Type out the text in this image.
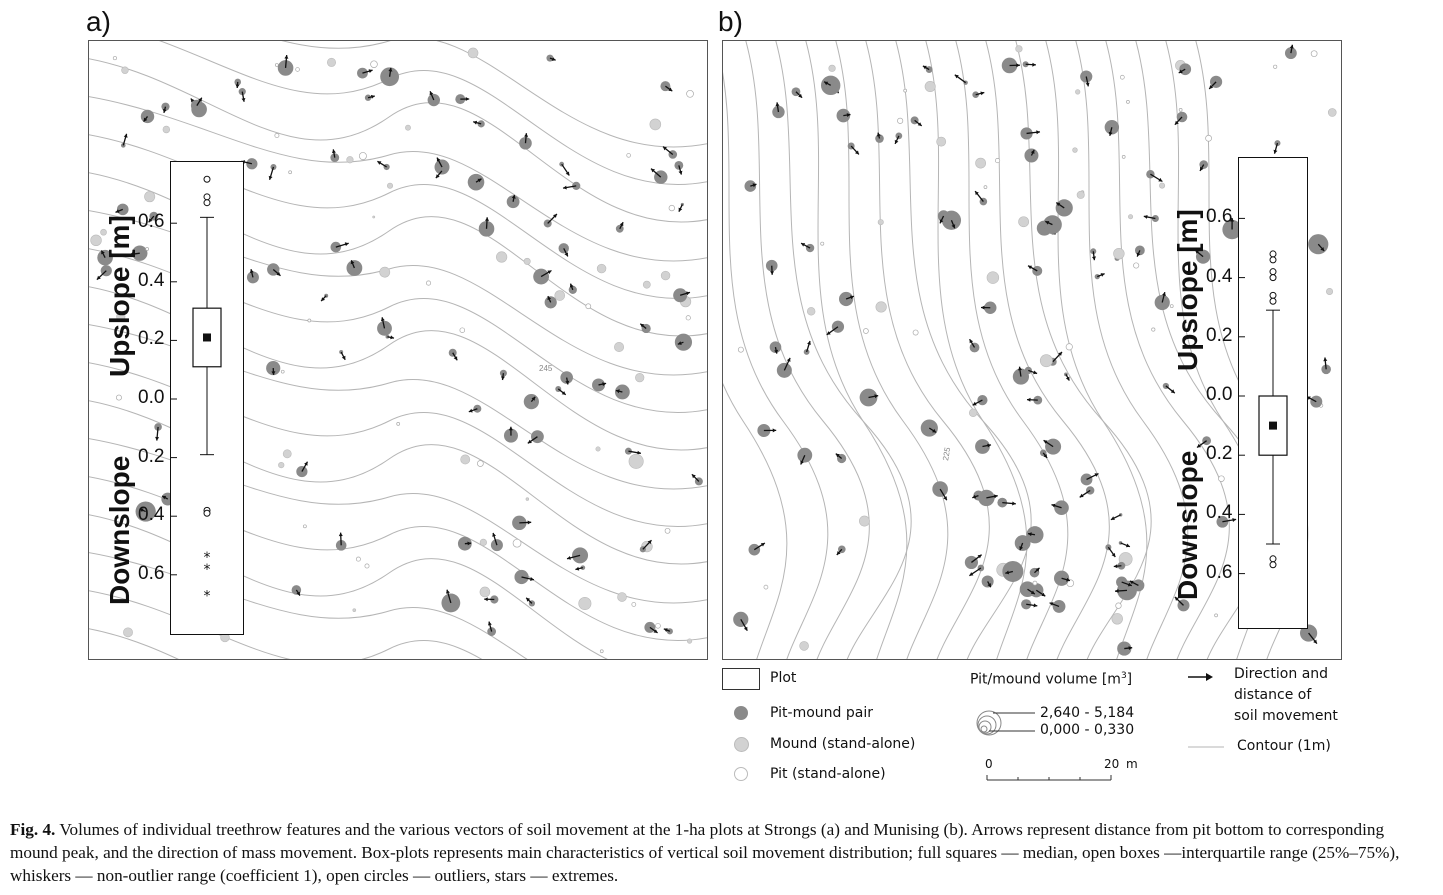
a)	b)
245
*
*
*
0.6
0.4
0.2
0.0
0.2
0.4
0.6
Upslope [m]
Downslope
225
0.6
0.4
0.2
0.0
0.2
0.4
0.6
Upslope [m]
Downslope
Plot
Pit-mound pair
Mound (stand-alone)
Pit (stand-alone)
Pit/mound volume $[m^3]$
2,640 - 5,184
0,000 - 0,330
0	20 m
Direction and
distance of
soil movement
Contour (1m)
Fig. 4. Volumes of individual treethrow features and the various vectors of soil movement at the 1-ha plots at Strongs (a) and Munising (b). Arrows represent distance from pit bottom to corresponding mound peak, and the direction of mass movement. Box-plots represents main characteristics of vertical soil movement distribution; full squares — median, open boxes —interquartile range (25%–75%), whiskers — non-outlier range (coefficient 1), open circles — outliers, stars — extremes.
